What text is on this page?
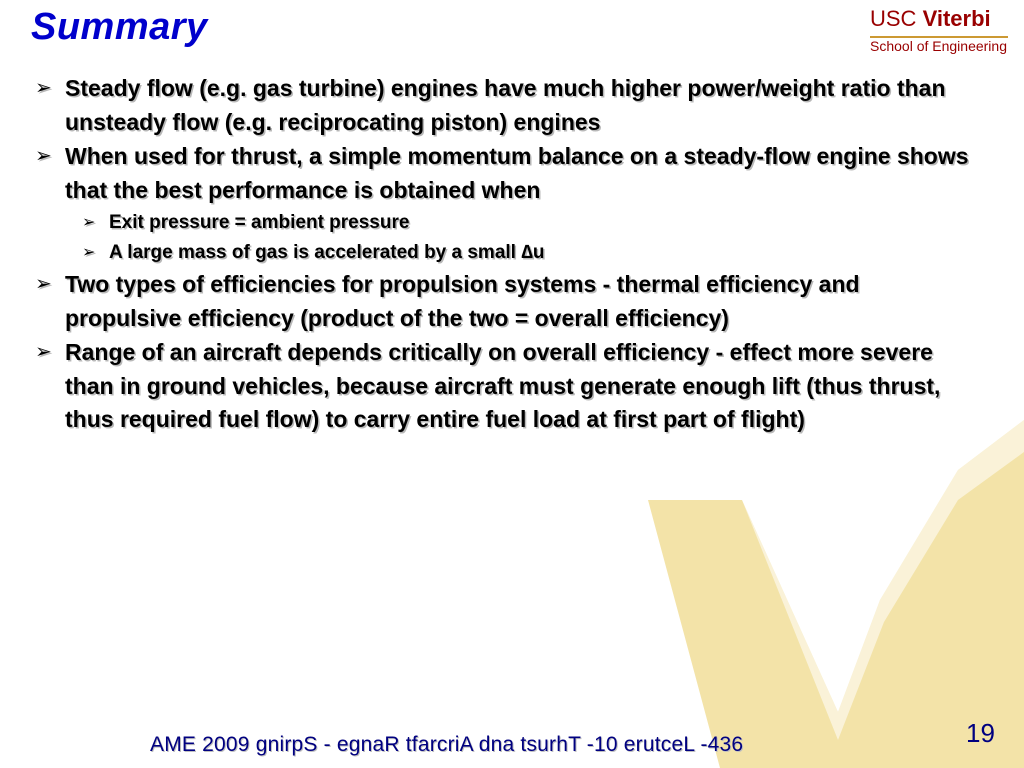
Summary	USC Viterbi
School of Engineering
➢ Steady flow (e.g. gas turbine) engines have much higher power/weight ratio than unsteady flow (e.g. reciprocating piston) engines
➢ When used for thrust, a simple momentum balance on a steady-flow engine shows that the best performance is obtained when
➢ Exit pressure = ambient pressure
➢ A large mass of gas is accelerated by a small ∆u
➢ Two types of efficiencies for propulsion systems - thermal efficiency and propulsive efficiency (product of the two = overall efficiency)
➢ Range of an aircraft depends critically on overall efficiency - effect more severe than in ground vehicles, because aircraft must generate enough lift (thus thrust, thus required fuel flow) to carry entire fuel load at first part of flight)
AME 2009 gnirpS - egnaR tfarcriA dna tsurhT -10 erutceL -436	19
